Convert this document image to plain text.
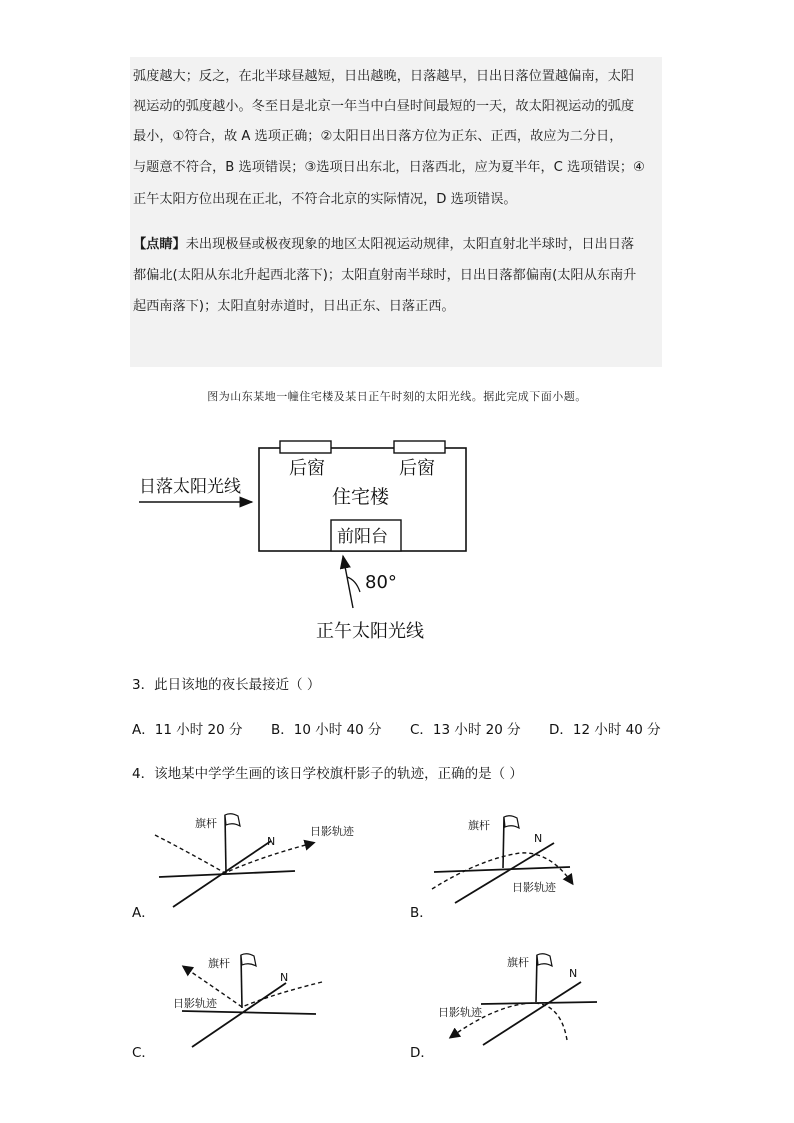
弧度越大；反之，在北半球昼越短，日出越晚，日落越早，日出日落位置越偏南，太阳
视运动的弧度越小。冬至日是北京一年当中白昼时间最短的一天，故太阳视运动的弧度
最小，①符合，故 A 选项正确；②太阳日出日落方位为正东、正西，故应为二分日，
与题意不符合，B 选项错误；③选项日出东北，日落西北，应为夏半年，C 选项错误；④
正午太阳方位出现在正北，不符合北京的实际情况，D 选项错误。
【点睛】未出现极昼或极夜现象的地区太阳视运动规律，太阳直射北半球时，日出日落
都偏北(太阳从东北升起西北落下)；太阳直射南半球时，日出日落都偏南(太阳从东南升
起西南落下)；太阳直射赤道时，日出正东、日落正西。
图为山东某地一幢住宅楼及某日正午时刻的太阳光线。据此完成下面小题。
后窗	后窗
住宅楼
前阳台
日落太阳光线
80°
正午太阳光线
3．此日该地的夜长最接近（ ）
A．11 小时 20 分 B．10 小时 40 分 C．13 小时 20 分 D．12 小时 40 分
4．该地某中学学生画的该日学校旗杆影子的轨迹，正确的是（ ）
旗杆
N
日影轨迹
A．
旗杆
N
日影轨迹
B．
旗杆
N
日影轨迹
C．
旗杆
N
日影轨迹
D．
